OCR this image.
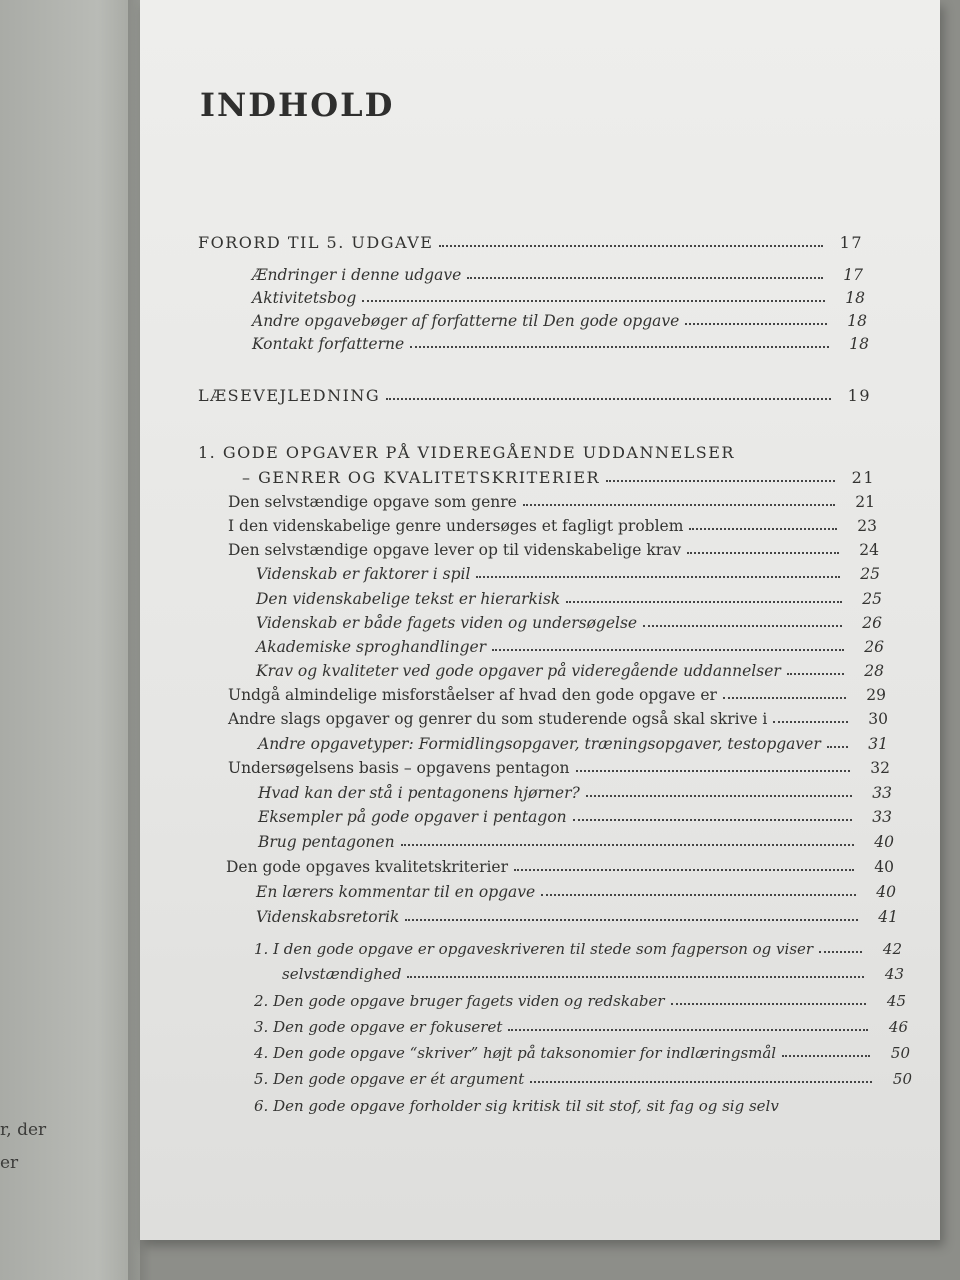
r, der
er
INDHOLD
FORORD TIL 5. UDGAVE	17
Ændringer i denne udgave	17
Aktivitetsbog	18
Andre opgavebøger af forfatterne til Den gode opgave	18
Kontakt forfatterne	18
LÆSEVEJLEDNING	19
1. GODE OPGAVER PÅ VIDEREGÅENDE UDDANNELSER
– GENRER OG KVALITETSKRITERIER	21
Den selvstændige opgave som genre	21
I den videnskabelige genre undersøges et fagligt problem	23
Den selvstændige opgave lever op til videnskabelige krav	24
Videnskab er faktorer i spil	25
Den videnskabelige tekst er hierarkisk	25
Videnskab er både fagets viden og undersøgelse	26
Akademiske sproghandlinger	26
Krav og kvaliteter ved gode opgaver på videregående uddannelser	28
Undgå almindelige misforståelser af hvad den gode opgave er	29
Andre slags opgaver og genrer du som studerende også skal skrive i	30
Andre opgavetyper: Formidlingsopgaver, træningsopgaver, testopgaver	31
Undersøgelsens basis – opgavens pentagon	32
Hvad kan der stå i pentagonens hjørner?	33
Eksempler på gode opgaver i pentagon	33
Brug pentagonen	40
Den gode opgaves kvalitetskriterier	40
En lærers kommentar til en opgave	40
Videnskabsretorik	41
1. I den gode opgave er opgaveskriveren til stede som fagperson og viser	42
selvstændighed	43
2. Den gode opgave bruger fagets viden og redskaber	45
3. Den gode opgave er fokuseret	46
4. Den gode opgave “skriver” højt på taksonomier for indlæringsmål	50
5. Den gode opgave er ét argument	50
6. Den gode opgave forholder sig kritisk til sit stof, sit fag og sig selv
